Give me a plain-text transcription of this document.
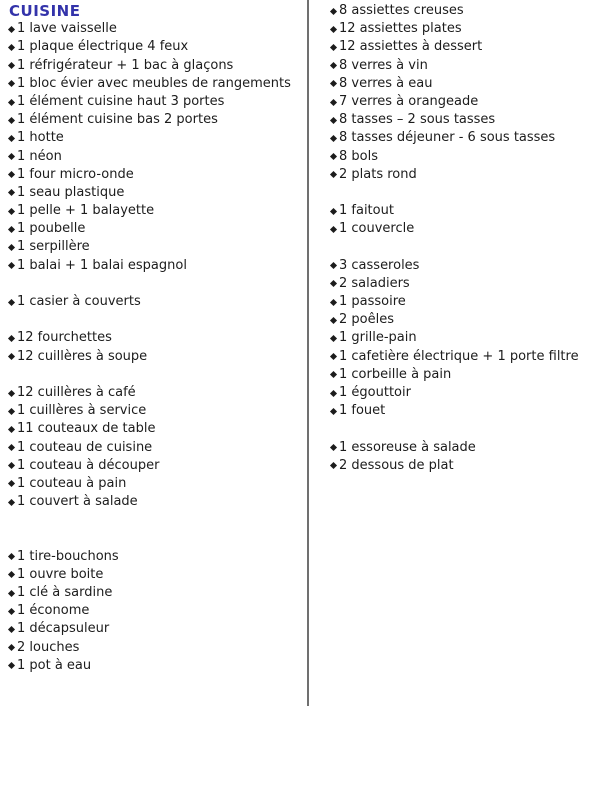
CUISINE
1 lave vaisselle
1 plaque électrique 4 feux
1 réfrigérateur + 1 bac à glaçons
1 bloc évier avec meubles de rangements
1 élément cuisine haut 3 portes
1 élément cuisine bas 2 portes
1 hotte
1 néon
1 four micro-onde
1 seau plastique
1 pelle + 1 balayette
1 poubelle
1 serpillère
1 balai + 1 balai espagnol
1 casier à couverts
12 fourchettes
12 cuillères à soupe
12 cuillères à café
1 cuillères à service
11 couteaux de table
1 couteau de cuisine
1 couteau à découper
1 couteau à pain
1 couvert à salade
1 tire-bouchons
1 ouvre boite
1 clé à sardine
1 économe
1 décapsuleur
2 louches
1 pot à eau
8 assiettes creuses
12 assiettes plates
12 assiettes à dessert
8 verres à vin
8 verres à eau
7 verres à orangeade
8 tasses – 2 sous tasses
8 tasses déjeuner - 6 sous tasses
8 bols
2 plats rond
1 faitout
1 couvercle
3 casseroles
2 saladiers
1 passoire
2 poêles
1 grille-pain
1 cafetière électrique + 1 porte filtre
1 corbeille à pain
1 égouttoir
1 fouet
1 essoreuse à salade
2 dessous de plat
